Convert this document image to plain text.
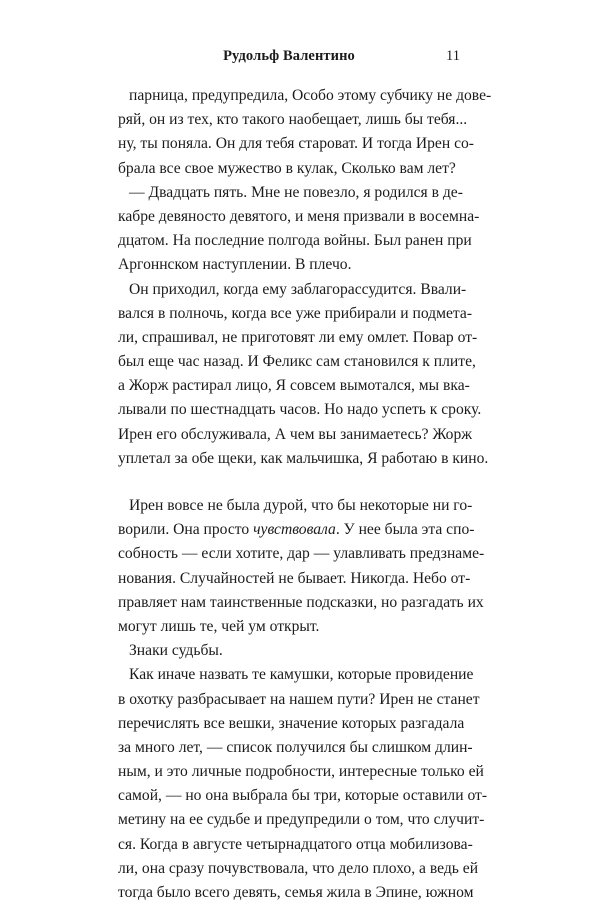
Рудольф Валентино	11
парница, предупредила, Особо этому субчику не дове-
ряй, он из тех, кто такого наобещает, лишь бы тебя...
ну, ты поняла. Он для тебя староват. И тогда Ирен со-
брала все свое мужество в кулак, Сколько вам лет?
— Двадцать пять. Мне не повезло, я родился в де-
кабре девяносто девятого, и меня призвали в восемна-
дцатом. На последние полгода войны. Был ранен при
Аргоннском наступлении. В плечо.
Он приходил, когда ему заблагорассудится. Ввали-
вался в полночь, когда все уже прибирали и подмета-
ли, спрашивал, не приготовят ли ему омлет. Повар от-
был еще час назад. И Феликс сам становился к плите,
а Жорж растирал лицо, Я совсем вымотался, мы вка-
лывали по шестнадцать часов. Но надо успеть к сроку.
Ирен его обслуживала, А чем вы занимаетесь? Жорж
уплетал за обе щеки, как мальчишка, Я работаю в кино.
Ирен вовсе не была дурой, что бы некоторые ни го-
ворили. Она просто чувствовала. У нее была эта спо-
собность — если хотите, дар — улавливать предзнаме-
нования. Случайностей не бывает. Никогда. Небо от-
правляет нам таинственные подсказки, но разгадать их
могут лишь те, чей ум открыт.
Знаки судьбы.
Как иначе назвать те камушки, которые провидение
в охотку разбрасывает на нашем пути? Ирен не станет
перечислять все вешки, значение которых разгадала
за много лет, — список получился бы слишком длин-
ным, и это личные подробности, интересные только ей
самой, — но она выбрала бы три, которые оставили от-
метину на ее судьбе и предупредили о том, что случит-
ся. Когда в августе четырнадцатого отца мобилизова-
ли, она сразу почувствовала, что дело плохо, а ведь ей
тогда было всего девять, семья жила в Эпине, южном
